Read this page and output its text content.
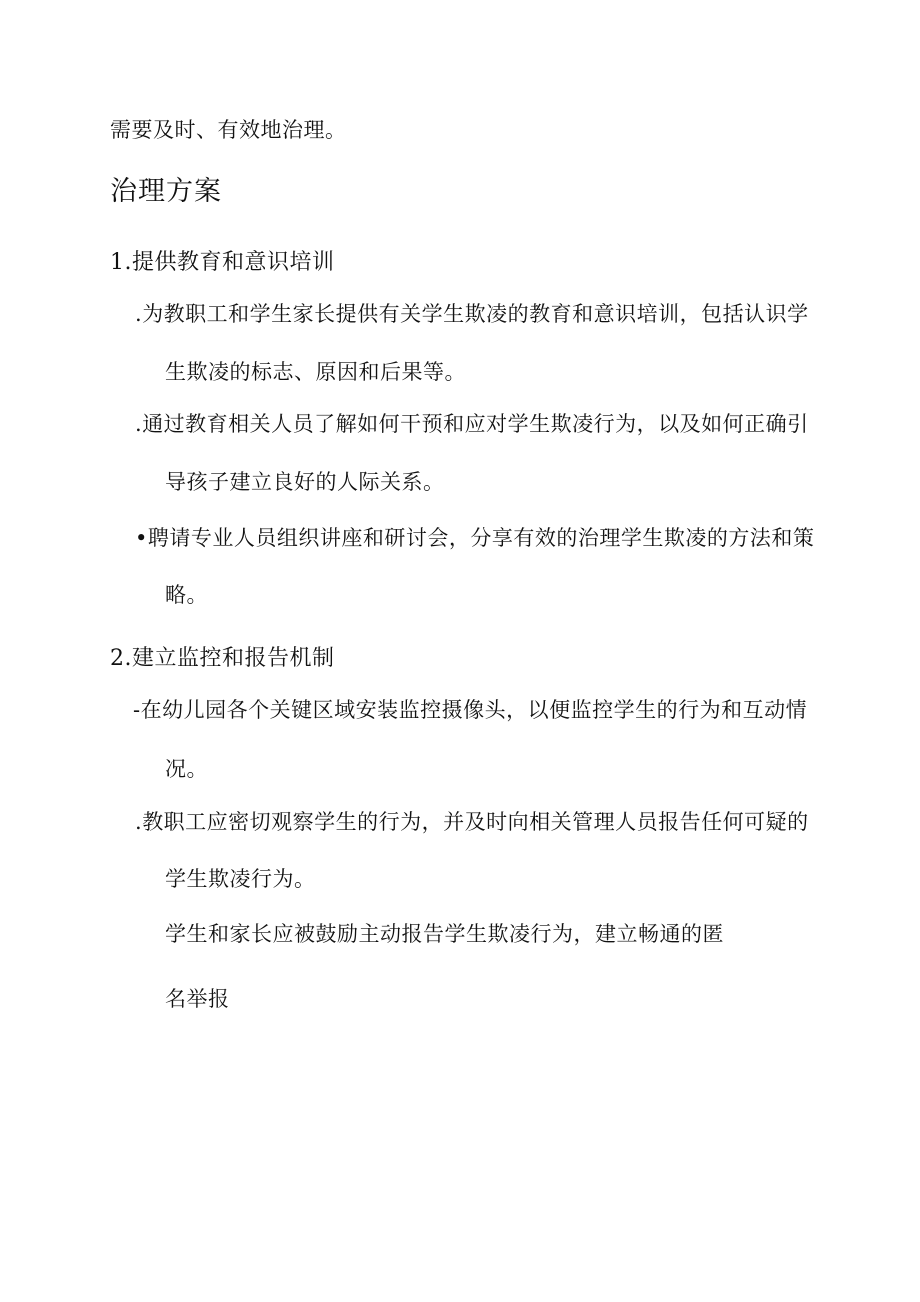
需要及时、有效地治理。
治理方案
1.提供教育和意识培训
.为教职工和学生家长提供有关学生欺凌的教育和意识培训，包括认识学
生欺凌的标志、原因和后果等。
.通过教育相关人员了解如何干预和应对学生欺凌行为，以及如何正确引
导孩子建立良好的人际关系。
•聘请专业人员组织讲座和研讨会，分享有效的治理学生欺凌的方法和策
略。
2.建立监控和报告机制
-在幼儿园各个关键区域安装监控摄像头，以便监控学生的行为和互动情
况。
.教职工应密切观察学生的行为，并及时向相关管理人员报告任何可疑的
学生欺凌行为。
学生和家长应被鼓励主动报告学生欺凌行为，建立畅通的匿
名举报
